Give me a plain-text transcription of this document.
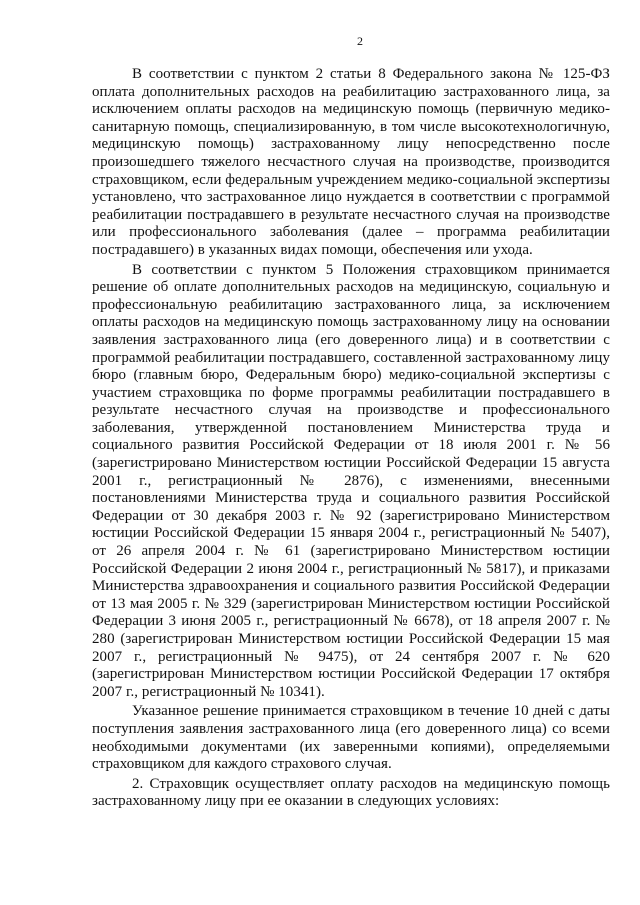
2

В соответствии с пунктом 2 статьи 8 Федерального закона № 125-ФЗ оплата дополнительных расходов на реабилитацию застрахованного лица, за исключением оплаты расходов на медицинскую помощь (первичную медико-санитарную помощь, специализированную, в том числе высокотехнологичную, медицинскую помощь) застрахованному лицу непосредственно после произошедшего тяжелого несчастного случая на производстве, производится страховщиком, если федеральным учреждением медико-социальной экспертизы установлено, что застрахованное лицо нуждается в соответствии с программой реабилитации пострадавшего в результате несчастного случая на производстве или профессионального заболевания (далее – программа реабилитации пострадавшего) в указанных видах помощи, обеспечения или ухода.

В соответствии с пунктом 5 Положения страховщиком принимается решение об оплате дополнительных расходов на медицинскую, социальную и профессиональную реабилитацию застрахованного лица, за исключением оплаты расходов на медицинскую помощь застрахованному лицу на основании заявления застрахованного лица (его доверенного лица) и в соответствии с программой реабилитации пострадавшего, составленной застрахованному лицу бюро (главным бюро, Федеральным бюро) медико-социальной экспертизы с участием страховщика по форме программы реабилитации пострадавшего в результате несчастного случая на производстве и профессионального заболевания, утвержденной постановлением Министерства труда и социального развития Российской Федерации от 18 июля 2001 г. № 56 (зарегистрировано Министерством юстиции Российской Федерации 15 августа 2001 г., регистрационный № 2876), с изменениями, внесенными постановлениями Министерства труда и социального развития Российской Федерации от 30 декабря 2003 г. № 92 (зарегистрировано Министерством юстиции Российской Федерации 15 января 2004 г., регистрационный № 5407), от 26 апреля 2004 г. № 61 (зарегистрировано Министерством юстиции Российской Федерации 2 июня 2004 г., регистрационный № 5817), и приказами Министерства здравоохранения и социального развития Российской Федерации от 13 мая 2005 г. № 329 (зарегистрирован Министерством юстиции Российской Федерации 3 июня 2005 г., регистрационный № 6678), от 18 апреля 2007 г. № 280 (зарегистрирован Министерством юстиции Российской Федерации 15 мая 2007 г., регистрационный № 9475), от 24 сентября 2007 г. № 620 (зарегистрирован Министерством юстиции Российской Федерации 17 октября 2007 г., регистрационный № 10341).

Указанное решение принимается страховщиком в течение 10 дней с даты поступления заявления застрахованного лица (его доверенного лица) со всеми необходимыми документами (их заверенными копиями), определяемыми страховщиком для каждого страхового случая.

2. Страховщик осуществляет оплату расходов на медицинскую помощь застрахованному лицу при ее оказании в следующих условиях:
